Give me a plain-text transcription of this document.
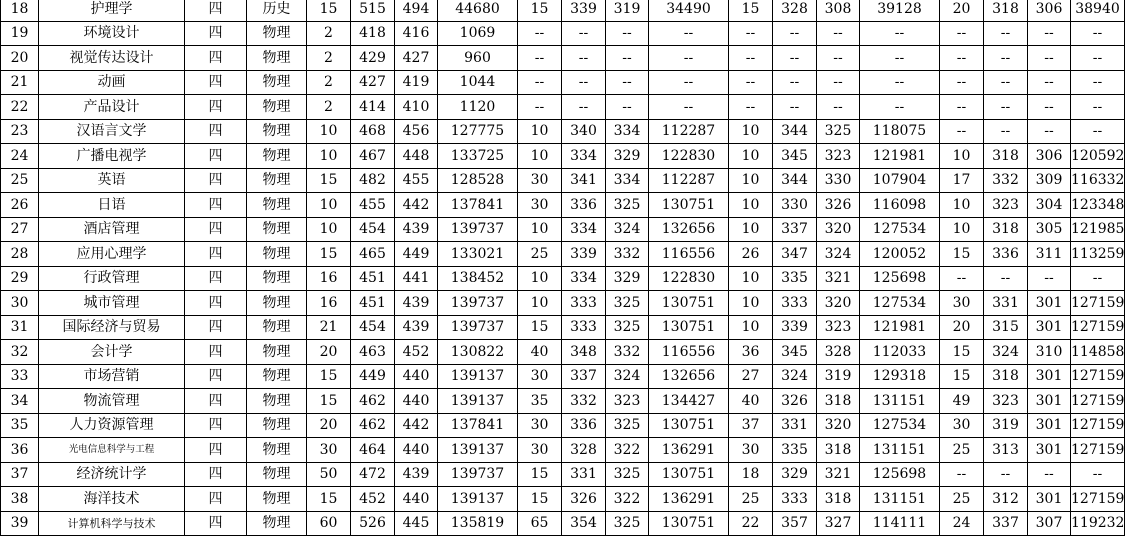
18	护理学	四	历史	15	515	494	44680	15	339	319	34490	15	328	308	39128	20	318	306	38940
19	环境设计	四	物理	2	418	416	1069	--	--	--	--	--	--	--	--	--	--	--	--
20	视觉传达设计	四	物理	2	429	427	960	--	--	--	--	--	--	--	--	--	--	--	--
21	动画	四	物理	2	427	419	1044	--	--	--	--	--	--	--	--	--	--	--	--
22	产品设计	四	物理	2	414	410	1120	--	--	--	--	--	--	--	--	--	--	--	--
23	汉语言文学	四	物理	10	468	456	127775	10	340	334	112287	10	344	325	118075	--	--	--	--
24	广播电视学	四	物理	10	467	448	133725	10	334	329	122830	10	345	323	121981	10	318	306	120592
25	英语	四	物理	15	482	455	128528	30	341	334	112287	10	344	330	107904	17	332	309	116332
26	日语	四	物理	10	455	442	137841	30	336	325	130751	10	330	326	116098	10	323	304	123348
27	酒店管理	四	物理	10	454	439	139737	10	334	324	132656	10	337	320	127534	10	318	305	121985
28	应用心理学	四	物理	15	465	449	133021	25	339	332	116556	26	347	324	120052	15	336	311	113259
29	行政管理	四	物理	16	451	441	138452	10	334	329	122830	10	335	321	125698	--	--	--	--
30	城市管理	四	物理	16	451	439	139737	10	333	325	130751	10	333	320	127534	30	331	301	127159
31	国际经济与贸易	四	物理	21	454	439	139737	15	333	325	130751	10	339	323	121981	20	315	301	127159
32	会计学	四	物理	20	463	452	130822	40	348	332	116556	36	345	328	112033	15	324	310	114858
33	市场营销	四	物理	15	449	440	139137	30	337	324	132656	27	324	319	129318	15	318	301	127159
34	物流管理	四	物理	15	462	440	139137	35	332	323	134427	40	326	318	131151	49	323	301	127159
35	人力资源管理	四	物理	20	462	442	137841	30	336	325	130751	37	331	320	127534	30	319	301	127159
36	光电信息科学与工程	四	物理	30	464	440	139137	30	328	322	136291	30	335	318	131151	25	313	301	127159
37	经济统计学	四	物理	50	472	439	139737	15	331	325	130751	18	329	321	125698	--	--	--	--
38	海洋技术	四	物理	15	452	440	139137	15	326	322	136291	25	333	318	131151	25	312	301	127159
39	计算机科学与技术	四	物理	60	526	445	135819	65	354	325	130751	22	357	327	114111	24	337	307	119232
